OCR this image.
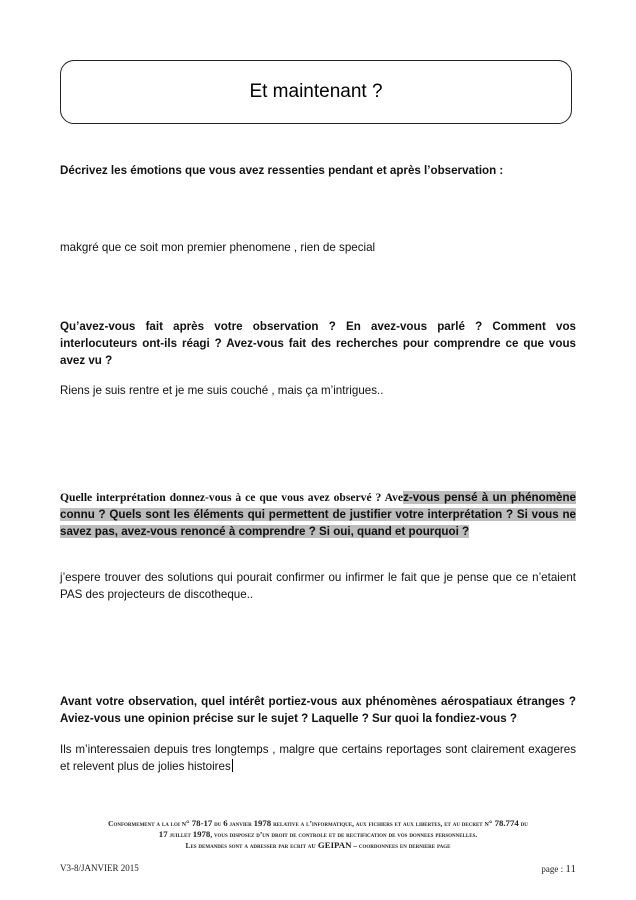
Et maintenant ?
Décrivez les émotions que vous avez ressenties pendant et après l’observation :
makgré que ce soit mon premier phenomene , rien de special
Qu’avez-vous fait après votre observation ? En avez-vous parlé ? Comment vos interlocuteurs ont-ils réagi ? Avez-vous fait des recherches pour comprendre ce que vous avez vu ?
Riens je suis rentre et je me suis couché , mais ça m’intrigues..
Quelle interprétation donnez-vous à ce que vous avez observé ? Avez-vous pensé à un phénomène connu ? Quels sont les éléments qui permettent de justifier votre interprétation ? Si vous ne savez pas, avez-vous renoncé à comprendre ? Si oui, quand et pourquoi ?
j’espere trouver des solutions qui pourait confirmer ou infirmer le fait que je pense que ce n’etaient PAS des projecteurs de discotheque..
Avant votre observation, quel intérêt portiez-vous aux phénomènes aérospatiaux étranges ? Aviez-vous une opinion précise sur le sujet ? Laquelle ? Sur quoi la fondiez-vous ?
Ils m’interessaien depuis tres longtemps , malgre que certains reportages sont clairement exageres et relevent plus de jolies histoires
Conformement a la loi n° 78-17 du 6 janvier 1978 relative a l’informatique, aux fichiers et aux libertes, et au decret n° 78.774 du
17 juillet 1978, vous disposez d’un droit de controle et de rectification de vos donnees personnelles.
Les demandes sont a adresser par ecrit au GEIPAN – coordonnees en derniere page
V3-8/JANVIER 2015	page : 11
